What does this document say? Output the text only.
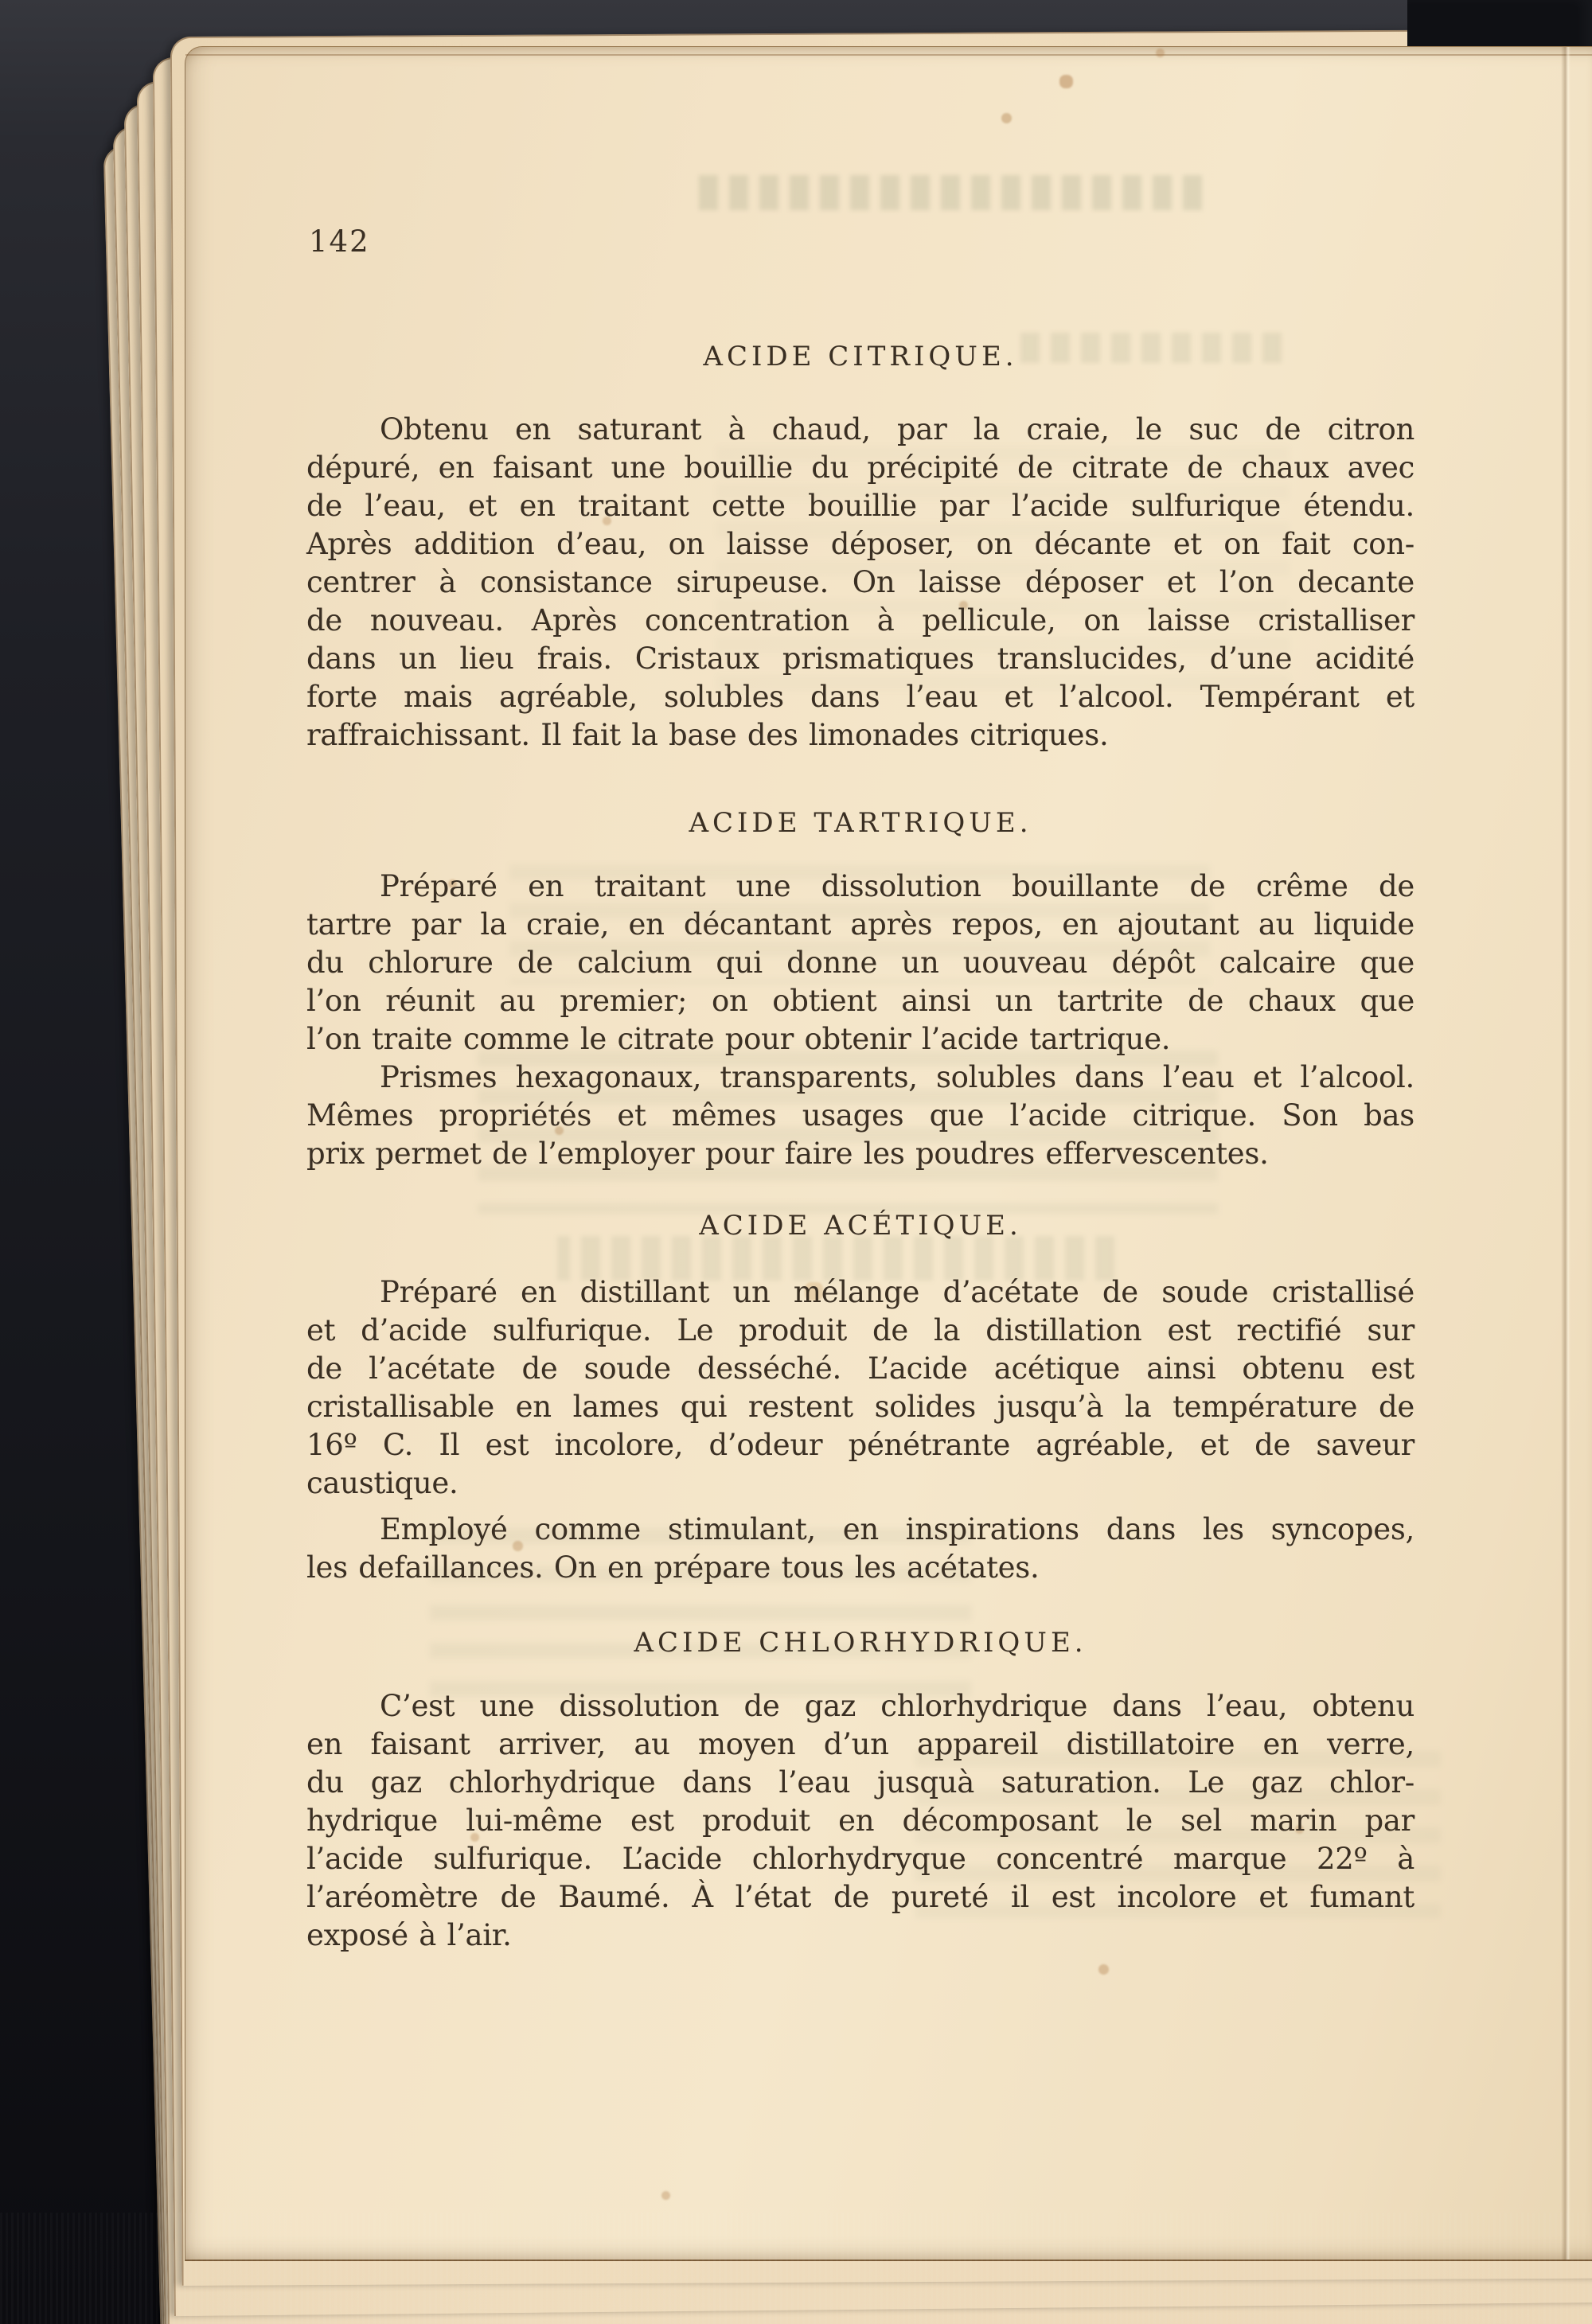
142
ACIDE CITRIQUE.
Obtenu en saturant à chaud, par la craie, le suc de citron
dépuré, en faisant une bouillie du précipité de citrate de chaux avec
de l’eau, et en traitant cette bouillie par l’acide sulfurique étendu.
Après addition d’eau, on laisse déposer, on décante et on fait con-
centrer à consistance sirupeuse. On laisse déposer et l’on decante
de nouveau. Après concentration à pellicule, on laisse cristalliser
dans un lieu frais. Cristaux prismatiques translucides, d’une acidité
forte mais agréable, solubles dans l’eau et l’alcool. Tempérant et
raffraichissant. Il fait la base des limonades citriques.
ACIDE TARTRIQUE.
Préparé en traitant une dissolution bouillante de crême de
tartre par la craie, en décantant après repos, en ajoutant au liquide
du chlorure de calcium qui donne un uouveau dépôt calcaire que
l’on réunit au premier; on obtient ainsi un tartrite de chaux que
l’on traite comme le citrate pour obtenir l’acide tartrique.
Prismes hexagonaux, transparents, solubles dans l’eau et l’alcool.
Mêmes propriétés et mêmes usages que l’acide citrique. Son bas
prix permet de l’employer pour faire les poudres effervescentes.
ACIDE ACÉTIQUE.
Préparé en distillant un mélange d’acétate de soude cristallisé
et d’acide sulfurique. Le produit de la distillation est rectifié sur
de l’acétate de soude desséché. L’acide acétique ainsi obtenu est
cristallisable en lames qui restent solides jusqu’à la température de
16º C. Il est incolore, d’odeur pénétrante agréable, et de saveur
caustique.
Employé comme stimulant, en inspirations dans les syncopes,
les defaillances. On en prépare tous les acétates.
ACIDE CHLORHYDRIQUE.
C’est une dissolution de gaz chlorhydrique dans l’eau, obtenu
en faisant arriver, au moyen d’un appareil distillatoire en verre,
du gaz chlorhydrique dans l’eau jusquà saturation. Le gaz chlor-
hydrique lui-même est produit en décomposant le sel marin par
l’acide sulfurique. L’acide chlorhydryque concentré marque 22º à
l’aréomètre de Baumé. À l’état de pureté il est incolore et fumant
exposé à l’air.
